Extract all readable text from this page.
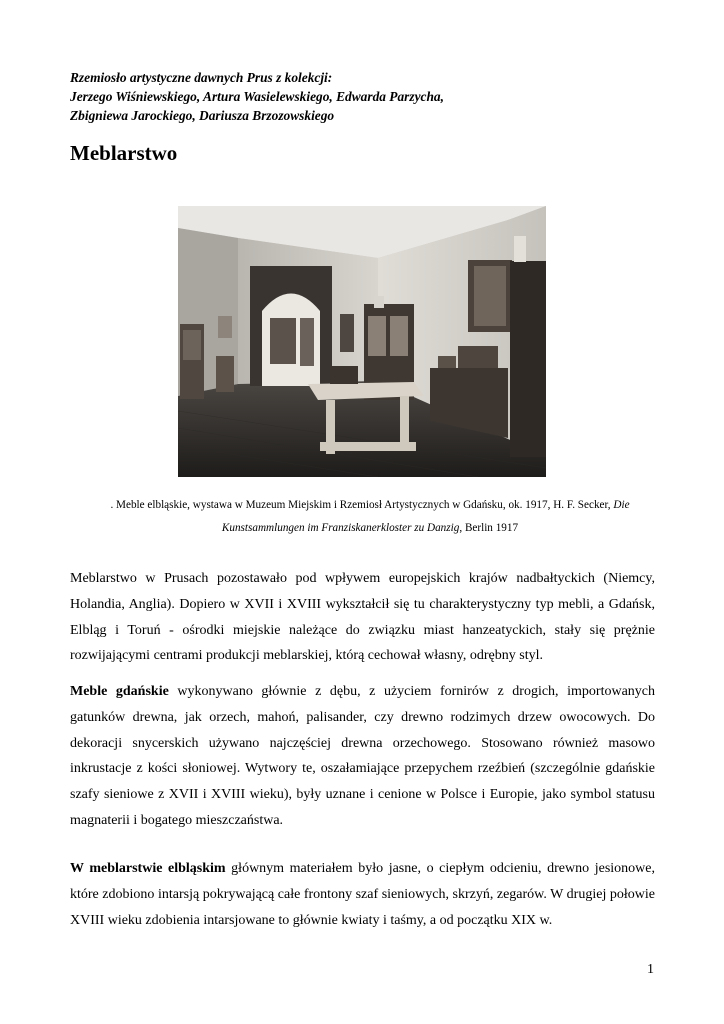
Rzemiosło artystyczne dawnych Prus z kolekcji:
Jerzego Wiśniewskiego, Artura Wasielewskiego, Edwarda Parzycha,
Zbigniewa Jarockiego, Dariusza Brzozowskiego
Meblarstwo
. Meble elbląskie, wystawa w Muzeum Miejskim i Rzemiosł Artystycznych w Gdańsku, ok. 1917, H. F. Secker, Die
Kunstsammlungen im Franziskanerkloster zu Danzig, Berlin 1917

Meblarstwo w Prusach pozostawało pod wpływem europejskich krajów nadbałtyckich (Niemcy, Holandia, Anglia). Dopiero w XVII i XVIII wykształcił się tu charakterystyczny typ mebli, a Gdańsk, Elbląg i Toruń - ośrodki miejskie należące do związku miast hanzeatyckich, stały się prężnie rozwijającymi centrami produkcji meblarskiej, którą cechował własny, odrębny styl.

Meble gdańskie wykonywano głównie z dębu, z użyciem fornirów z drogich, importowanych gatunków drewna, jak orzech, mahoń, palisander, czy drewno rodzimych drzew owocowych. Do dekoracji snycerskich używano najczęściej drewna orzechowego. Stosowano również masowo inkrustacje z kości słoniowej. Wytwory te, oszałamiające przepychem rzeźbień (szczególnie gdańskie szafy sieniowe z XVII i XVIII wieku), były uznane i cenione w Polsce i Europie, jako symbol statusu magnaterii i bogatego mieszczaństwa.

W meblarstwie elbląskim głównym materiałem było jasne, o ciepłym odcieniu, drewno jesionowe, które zdobiono intarsją pokrywającą całe frontony szaf sieniowych, skrzyń, zegarów. W drugiej połowie XVIII wieku zdobienia intarsjowane to głównie kwiaty i taśmy, a od początku XIX w.

1
